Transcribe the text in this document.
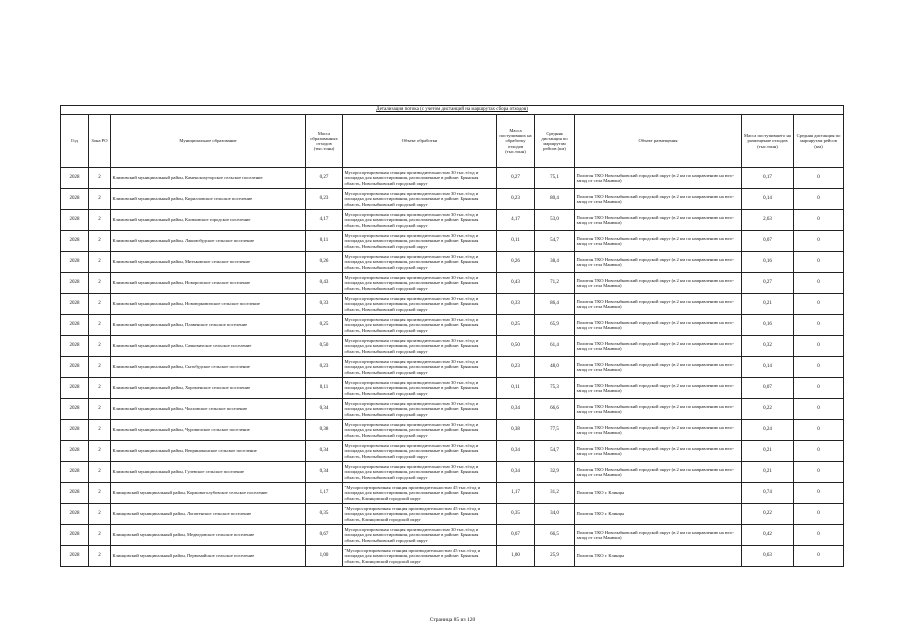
Детализация потока (с учетом дистанций на маршрутах сбора отходов)									
Год	Зона РО	Муниципальное образование	Масса образованных отходов (тыс.тонн)	Объект обработки	Масса поступивших на обработку отходов (тыс.тонн)	Средняя дистанция по маршрутам рейсов (км)	Объект размещения	Масса поступившего на размещение отходов (тыс.тонн)	Средняя дистанция по маршрутам рейсов (км)
2028	2	Климовский муниципальный район, Каменскохуторское сельское поселение	0,27	Мусоросортировочная станция производительностью 30 тыс.т/год и площадка для компостирования, расположенные в районе: Брянская область, Новозыбковский городской округ	0,27	75,1	Полигон ТКО Новозыбковский городской округ (в 2 км по направлению на юго-запад от села Манюки)	0,17	0
2028	2	Климовский муниципальный район, Кирилловское сельское поселение	0,23	Мусоросортировочная станция производительностью 30 тыс.т/год и площадка для компостирования, расположенные в районе: Брянская область, Новозыбковский городской округ	0,23	80,4	Полигон ТКО Новозыбковский городской округ (в 2 км по направлению на юго-запад от села Манюки)	0,14	0
2028	2	Климовский муниципальный район, Климовское городское поселение	4,17	Мусоросортировочная станция производительностью 30 тыс.т/год и площадка для компостирования, расположенные в районе: Брянская область, Новозыбковский городской округ	4,17	53,0	Полигон ТКО Новозыбковский городской округ (в 2 км по направлению на юго-запад от села Манюки)	2,63	0
2028	2	Климовский муниципальный район, Лакомобудское сельское поселение	0,11	Мусоросортировочная станция производительностью 30 тыс.т/год и площадка для компостирования, расположенные в районе: Брянская область, Новозыбковский городской округ	0,11	54,7	Полигон ТКО Новозыбковский городской округ (в 2 км по направлению на юго-запад от села Манюки)	0,07	0
2028	2	Климовский муниципальный район, Митьковское сельское поселение	0,26	Мусоросортировочная станция производительностью 30 тыс.т/год и площадка для компостирования, расположенные в районе: Брянская область, Новозыбковский городской округ	0,26	38,4	Полигон ТКО Новозыбковский городской округ (в 2 км по направлению на юго-запад от села Манюки)	0,16	0
2028	2	Климовский муниципальный район, Новоропское сельское поселение	0,43	Мусоросортировочная станция производительностью 30 тыс.т/год и площадка для компостирования, расположенные в районе: Брянская область, Новозыбковский городской округ	0,43	71,2	Полигон ТКО Новозыбковский городской округ (в 2 км по направлению на юго-запад от села Манюки)	0,27	0
2028	2	Климовский муниципальный район, Новоюрковичское сельское поселение	0,33	Мусоросортировочная станция производительностью 30 тыс.т/год и площадка для компостирования, расположенные в районе: Брянская область, Новозыбковский городской округ	0,33	86,4	Полигон ТКО Новозыбковский городской округ (в 2 км по направлению на юго-запад от села Манюки)	0,21	0
2028	2	Климовский муниципальный район, Плавенское сельское поселение	0,25	Мусоросортировочная станция производительностью 30 тыс.т/год и площадка для компостирования, расположенные в районе: Брянская область, Новозыбковский городской округ	0,25	65,9	Полигон ТКО Новозыбковский городской округ (в 2 км по направлению на юго-запад от села Манюки)	0,16	0
2028	2	Климовский муниципальный район, Сачковичское сельское поселение	0,50	Мусоросортировочная станция производительностью 30 тыс.т/год и площадка для компостирования, расположенные в районе: Брянская область, Новозыбковский городской округ	0,50	61,4	Полигон ТКО Новозыбковский городской округ (в 2 км по направлению на юго-запад от села Манюки)	0,32	0
2028	2	Климовский муниципальный район, Сытобудское сельское поселение	0,23	Мусоросортировочная станция производительностью 30 тыс.т/год и площадка для компостирования, расположенные в районе: Брянская область, Новозыбковский городской округ	0,23	48,0	Полигон ТКО Новозыбковский городской округ (в 2 км по направлению на юго-запад от села Манюки)	0,14	0
2028	2	Климовский муниципальный район, Хороменское сельское поселение	0,11	Мусоросортировочная станция производительностью 30 тыс.т/год и площадка для компостирования, расположенные в районе: Брянская область, Новозыбковский городской округ	0,11	75,3	Полигон ТКО Новозыбковский городской округ (в 2 км по направлению на юго-запад от села Манюки)	0,07	0
2028	2	Климовский муниципальный район, Чолховское сельское поселение	0,34	Мусоросортировочная станция производительностью 30 тыс.т/год и площадка для компостирования, расположенные в районе: Брянская область, Новозыбковский городской округ	0,34	66,6	Полигон ТКО Новозыбковский городской округ (в 2 км по направлению на юго-запад от села Манюки)	0,22	0
2028	2	Климовский муниципальный район, Чуровичское сельское поселение	0,38	Мусоросортировочная станция производительностью 30 тыс.т/год и площадка для компостирования, расположенные в районе: Брянская область, Новозыбковский городской округ	0,38	77,5	Полигон ТКО Новозыбковский городской округ (в 2 км по направлению на юго-запад от села Манюки)	0,24	0
2028	2	Климовский муниципальный район, Веприноконское сельское поселение	0,34	Мусоросортировочная станция производительностью 30 тыс.т/год и площадка для компостирования, расположенные в районе: Брянская область, Новозыбковский городской округ	0,34	54,7	Полигон ТКО Новозыбковский городской округ (в 2 км по направлению на юго-запад от села Манюки)	0,21	0
2028	2	Климовский муниципальный район, Гулевское сельское поселение	0,34	Мусоросортировочная станция производительностью 30 тыс.т/год и площадка для компостирования, расположенные в районе: Брянская область, Новозыбковский городской округ	0,34	32,9	Полигон ТКО Новозыбковский городской округ (в 2 км по направлению на юго-запад от села Манюки)	0,21	0
2028	2	Клинцовский муниципальный район, Коржовоголубовское сельское поселение	1,17	"Мусоросортировочная станция производительностью 45 тыс.т/год и площадка для компостирования, расположенные в районе: Брянская область, Клинцовский городской округ	1,17	31,2	Полигон ТКО г. Клинцы	0,74	0
2028	2	Клинцовский муниципальный район, Лопатенское сельское поселение	0,35	"Мусоросортировочная станция производительностью 45 тыс.т/год и площадка для компостирования, расположенные в районе: Брянская область, Клинцовский городской округ	0,35	34,0	Полигон ТКО г. Клинцы	0,22	0
2028	2	Клинцовский муниципальный район, Медведовское сельское поселение	0,67	Мусоросортировочная станция производительностью 30 тыс.т/год и площадка для компостирования, расположенные в районе: Брянская область, Новозыбковский городской округ	0,67	66,5	Полигон ТКО Новозыбковский городской округ (в 2 км по направлению на юго-запад от села Манюки)	0,42	0
2028	2	Клинцовский муниципальный район, Первомайское сельское поселение	1,00	"Мусоросортировочная станция производительностью 45 тыс.т/год и площадка для компостирования, расположенные в районе: Брянская область, Клинцовский городской округ	1,00	25,9	Полигон ТКО г. Клинцы	0,63	0
Страница 85 из 120
